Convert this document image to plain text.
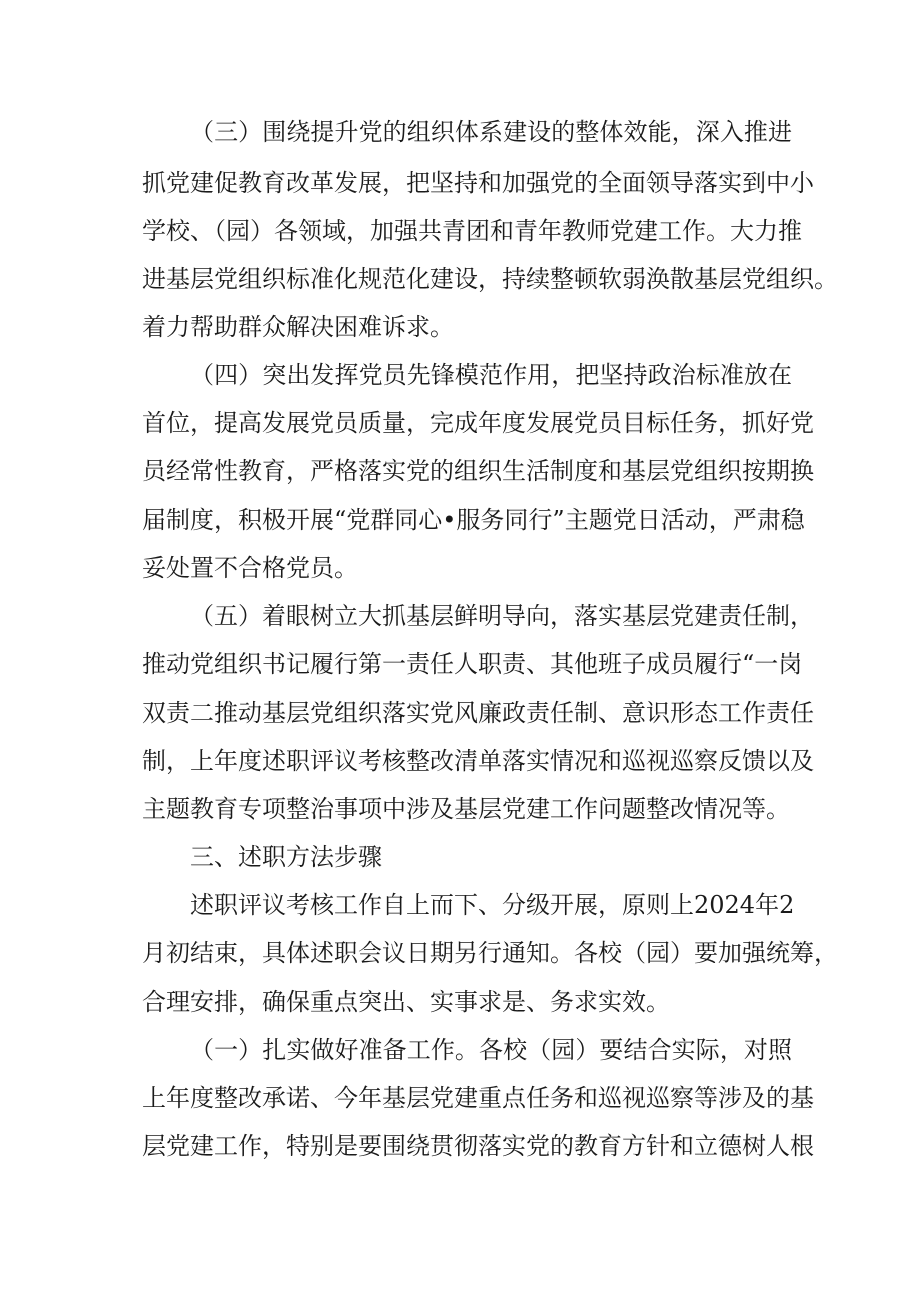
（三）围绕提升党的组织体系建设的整体效能，深入推进
抓党建促教育改革发展，把坚持和加强党的全面领导落实到中小
学校、（园）各领域，加强共青团和青年教师党建工作。大力推
进基层党组织标准化规范化建设，持续整顿软弱涣散基层党组织。
着力帮助群众解决困难诉求。
（四）突出发挥党员先锋模范作用，把坚持政治标准放在
首位，提高发展党员质量，完成年度发展党员目标任务，抓好党
员经常性教育，严格落实党的组织生活制度和基层党组织按期换
届制度，积极开展“党群同心•服务同行”主题党日活动，严肃稳
妥处置不合格党员。
（五）着眼树立大抓基层鲜明导向，落实基层党建责任制，
推动党组织书记履行第一责任人职责、其他班子成员履行“一岗
双责二推动基层党组织落实党风廉政责任制、意识形态工作责任
制，上年度述职评议考核整改清单落实情况和巡视巡察反馈以及
主题教育专项整治事项中涉及基层党建工作问题整改情况等。
三、述职方法步骤
述职评议考核工作自上而下、分级开展，原则上2024年2
月初结束，具体述职会议日期另行通知。各校（园）要加强统筹，
合理安排，确保重点突出、实事求是、务求实效。
（一）扎实做好准备工作。各校（园）要结合实际，对照
上年度整改承诺、今年基层党建重点任务和巡视巡察等涉及的基
层党建工作，特别是要围绕贯彻落实党的教育方针和立德树人根
